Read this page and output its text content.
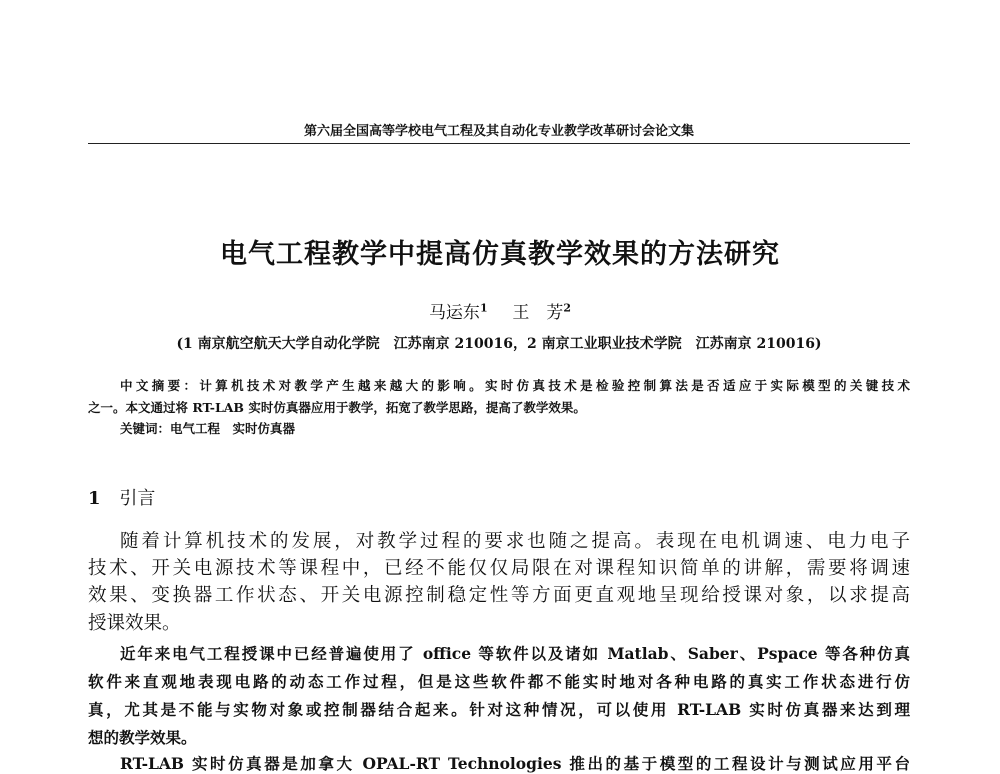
第六届全国高等学校电气工程及其自动化专业教学改革研讨会论文集
电气工程教学中提高仿真教学效果的方法研究
马运东$^1$ 王　芳$^2$
(1 南京航空航天大学自动化学院　江苏南京 210016，2 南京工业职业技术学院　江苏南京 210016)
中文摘要：计算机技术对教学产生越来越大的影响。实时仿真技术是检验控制算法是否适应于实际模型的关键技术
之一。本文通过将 RT-LAB 实时仿真器应用于教学，拓宽了教学思路，提高了教学效果。
关键词：电气工程　实时仿真器
1 引言
随着计算机技术的发展，对教学过程的要求也随之提高。表现在电机调速、电力电子
技术、开关电源技术等课程中，已经不能仅仅局限在对课程知识简单的讲解，需要将调速
效果、变换器工作状态、开关电源控制稳定性等方面更直观地呈现给授课对象，以求提高
授课效果。
近年来电气工程授课中已经普遍使用了 office 等软件以及诸如 Matlab、Saber、Pspace 等各种仿真
软件来直观地表现电路的动态工作过程，但是这些软件都不能实时地对各种电路的真实工作状态进行仿
真，尤其是不能与实物对象或控制器结合起来。针对这种情况，可以使用 RT-LAB 实时仿真器来达到理
想的教学效果。
RT-LAB 实时仿真器是加拿大 OPAL-RT Technologies 推出的基于模型的工程设计与测试应用平台
